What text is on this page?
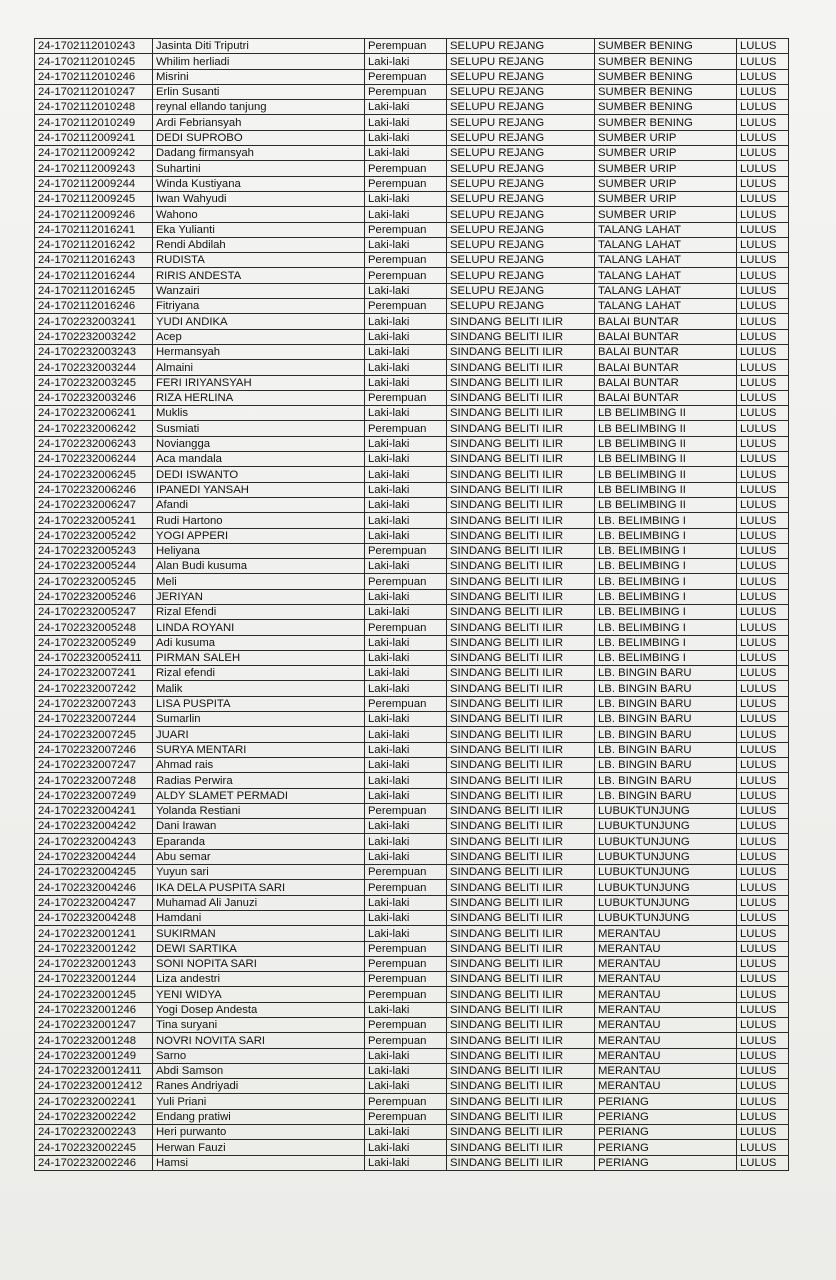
24-1702112010243	Jasinta Diti Triputri	Perempuan	SELUPU REJANG	SUMBER BENING	LULUS
24-1702112010245	Whilim herliadi	Laki-laki	SELUPU REJANG	SUMBER BENING	LULUS
24-1702112010246	Misrini	Perempuan	SELUPU REJANG	SUMBER BENING	LULUS
24-1702112010247	Erlin Susanti	Perempuan	SELUPU REJANG	SUMBER BENING	LULUS
24-1702112010248	reynal ellando tanjung	Laki-laki	SELUPU REJANG	SUMBER BENING	LULUS
24-1702112010249	Ardi Febriansyah	Laki-laki	SELUPU REJANG	SUMBER BENING	LULUS
24-1702112009241	DEDI SUPROBO	Laki-laki	SELUPU REJANG	SUMBER URIP	LULUS
24-1702112009242	Dadang firmansyah	Laki-laki	SELUPU REJANG	SUMBER URIP	LULUS
24-1702112009243	Suhartini	Perempuan	SELUPU REJANG	SUMBER URIP	LULUS
24-1702112009244	Winda Kustiyana	Perempuan	SELUPU REJANG	SUMBER URIP	LULUS
24-1702112009245	Iwan Wahyudi	Laki-laki	SELUPU REJANG	SUMBER URIP	LULUS
24-1702112009246	Wahono	Laki-laki	SELUPU REJANG	SUMBER URIP	LULUS
24-1702112016241	Eka Yulianti	Perempuan	SELUPU REJANG	TALANG LAHAT	LULUS
24-1702112016242	Rendi Abdilah	Laki-laki	SELUPU REJANG	TALANG LAHAT	LULUS
24-1702112016243	RUDISTA	Perempuan	SELUPU REJANG	TALANG LAHAT	LULUS
24-1702112016244	RIRIS ANDESTA	Perempuan	SELUPU REJANG	TALANG LAHAT	LULUS
24-1702112016245	Wanzairi	Laki-laki	SELUPU REJANG	TALANG LAHAT	LULUS
24-1702112016246	Fitriyana	Perempuan	SELUPU REJANG	TALANG LAHAT	LULUS
24-1702232003241	YUDI ANDIKA	Laki-laki	SINDANG BELITI ILIR	BALAI BUNTAR	LULUS
24-1702232003242	Acep	Laki-laki	SINDANG BELITI ILIR	BALAI BUNTAR	LULUS
24-1702232003243	Hermansyah	Laki-laki	SINDANG BELITI ILIR	BALAI BUNTAR	LULUS
24-1702232003244	Almaini	Laki-laki	SINDANG BELITI ILIR	BALAI BUNTAR	LULUS
24-1702232003245	FERI IRIYANSYAH	Laki-laki	SINDANG BELITI ILIR	BALAI BUNTAR	LULUS
24-1702232003246	RIZA HERLINA	Perempuan	SINDANG BELITI ILIR	BALAI BUNTAR	LULUS
24-1702232006241	Muklis	Laki-laki	SINDANG BELITI ILIR	LB BELIMBING II	LULUS
24-1702232006242	Susmiati	Perempuan	SINDANG BELITI ILIR	LB BELIMBING II	LULUS
24-1702232006243	Noviangga	Laki-laki	SINDANG BELITI ILIR	LB BELIMBING II	LULUS
24-1702232006244	Aca mandala	Laki-laki	SINDANG BELITI ILIR	LB BELIMBING II	LULUS
24-1702232006245	DEDI ISWANTO	Laki-laki	SINDANG BELITI ILIR	LB BELIMBING II	LULUS
24-1702232006246	IPANEDI YANSAH	Laki-laki	SINDANG BELITI ILIR	LB BELIMBING II	LULUS
24-1702232006247	Afandi	Laki-laki	SINDANG BELITI ILIR	LB BELIMBING II	LULUS
24-1702232005241	Rudi Hartono	Laki-laki	SINDANG BELITI ILIR	LB. BELIMBING I	LULUS
24-1702232005242	YOGI APPERI	Laki-laki	SINDANG BELITI ILIR	LB. BELIMBING I	LULUS
24-1702232005243	Heliyana	Perempuan	SINDANG BELITI ILIR	LB. BELIMBING I	LULUS
24-1702232005244	Alan Budi kusuma	Laki-laki	SINDANG BELITI ILIR	LB. BELIMBING I	LULUS
24-1702232005245	Meli	Perempuan	SINDANG BELITI ILIR	LB. BELIMBING I	LULUS
24-1702232005246	JERIYAN	Laki-laki	SINDANG BELITI ILIR	LB. BELIMBING I	LULUS
24-1702232005247	Rizal Efendi	Laki-laki	SINDANG BELITI ILIR	LB. BELIMBING I	LULUS
24-1702232005248	LINDA ROYANI	Perempuan	SINDANG BELITI ILIR	LB. BELIMBING I	LULUS
24-1702232005249	Adi kusuma	Laki-laki	SINDANG BELITI ILIR	LB. BELIMBING I	LULUS
24-17022320052411	PIRMAN SALEH	Laki-laki	SINDANG BELITI ILIR	LB. BELIMBING I	LULUS
24-1702232007241	Rizal efendi	Laki-laki	SINDANG BELITI ILIR	LB. BINGIN BARU	LULUS
24-1702232007242	Malik	Laki-laki	SINDANG BELITI ILIR	LB. BINGIN BARU	LULUS
24-1702232007243	LISA PUSPITA	Perempuan	SINDANG BELITI ILIR	LB. BINGIN BARU	LULUS
24-1702232007244	Sumarlin	Laki-laki	SINDANG BELITI ILIR	LB. BINGIN BARU	LULUS
24-1702232007245	JUARI	Laki-laki	SINDANG BELITI ILIR	LB. BINGIN BARU	LULUS
24-1702232007246	SURYA MENTARI	Laki-laki	SINDANG BELITI ILIR	LB. BINGIN BARU	LULUS
24-1702232007247	Ahmad rais	Laki-laki	SINDANG BELITI ILIR	LB. BINGIN BARU	LULUS
24-1702232007248	Radias Perwira	Laki-laki	SINDANG BELITI ILIR	LB. BINGIN BARU	LULUS
24-1702232007249	ALDY SLAMET PERMADI	Laki-laki	SINDANG BELITI ILIR	LB. BINGIN BARU	LULUS
24-1702232004241	Yolanda Restiani	Perempuan	SINDANG BELITI ILIR	LUBUKTUNJUNG	LULUS
24-1702232004242	Dani Irawan	Laki-laki	SINDANG BELITI ILIR	LUBUKTUNJUNG	LULUS
24-1702232004243	Eparanda	Laki-laki	SINDANG BELITI ILIR	LUBUKTUNJUNG	LULUS
24-1702232004244	Abu semar	Laki-laki	SINDANG BELITI ILIR	LUBUKTUNJUNG	LULUS
24-1702232004245	Yuyun sari	Perempuan	SINDANG BELITI ILIR	LUBUKTUNJUNG	LULUS
24-1702232004246	IKA DELA PUSPITA SARI	Perempuan	SINDANG BELITI ILIR	LUBUKTUNJUNG	LULUS
24-1702232004247	Muhamad Ali Januzi	Laki-laki	SINDANG BELITI ILIR	LUBUKTUNJUNG	LULUS
24-1702232004248	Hamdani	Laki-laki	SINDANG BELITI ILIR	LUBUKTUNJUNG	LULUS
24-1702232001241	SUKIRMAN	Laki-laki	SINDANG BELITI ILIR	MERANTAU	LULUS
24-1702232001242	DEWI SARTIKA	Perempuan	SINDANG BELITI ILIR	MERANTAU	LULUS
24-1702232001243	SONI NOPITA SARI	Perempuan	SINDANG BELITI ILIR	MERANTAU	LULUS
24-1702232001244	Liza andestri	Perempuan	SINDANG BELITI ILIR	MERANTAU	LULUS
24-1702232001245	YENI WIDYA	Perempuan	SINDANG BELITI ILIR	MERANTAU	LULUS
24-1702232001246	Yogi Dosep Andesta	Laki-laki	SINDANG BELITI ILIR	MERANTAU	LULUS
24-1702232001247	Tina suryani	Perempuan	SINDANG BELITI ILIR	MERANTAU	LULUS
24-1702232001248	NOVRI NOVITA SARI	Perempuan	SINDANG BELITI ILIR	MERANTAU	LULUS
24-1702232001249	Sarno	Laki-laki	SINDANG BELITI ILIR	MERANTAU	LULUS
24-17022320012411	Abdi Samson	Laki-laki	SINDANG BELITI ILIR	MERANTAU	LULUS
24-17022320012412	Ranes Andriyadi	Laki-laki	SINDANG BELITI ILIR	MERANTAU	LULUS
24-1702232002241	Yuli Priani	Perempuan	SINDANG BELITI ILIR	PERIANG	LULUS
24-1702232002242	Endang pratiwi	Perempuan	SINDANG BELITI ILIR	PERIANG	LULUS
24-1702232002243	Heri purwanto	Laki-laki	SINDANG BELITI ILIR	PERIANG	LULUS
24-1702232002245	Herwan Fauzi	Laki-laki	SINDANG BELITI ILIR	PERIANG	LULUS
24-1702232002246	Hamsi	Laki-laki	SINDANG BELITI ILIR	PERIANG	LULUS
